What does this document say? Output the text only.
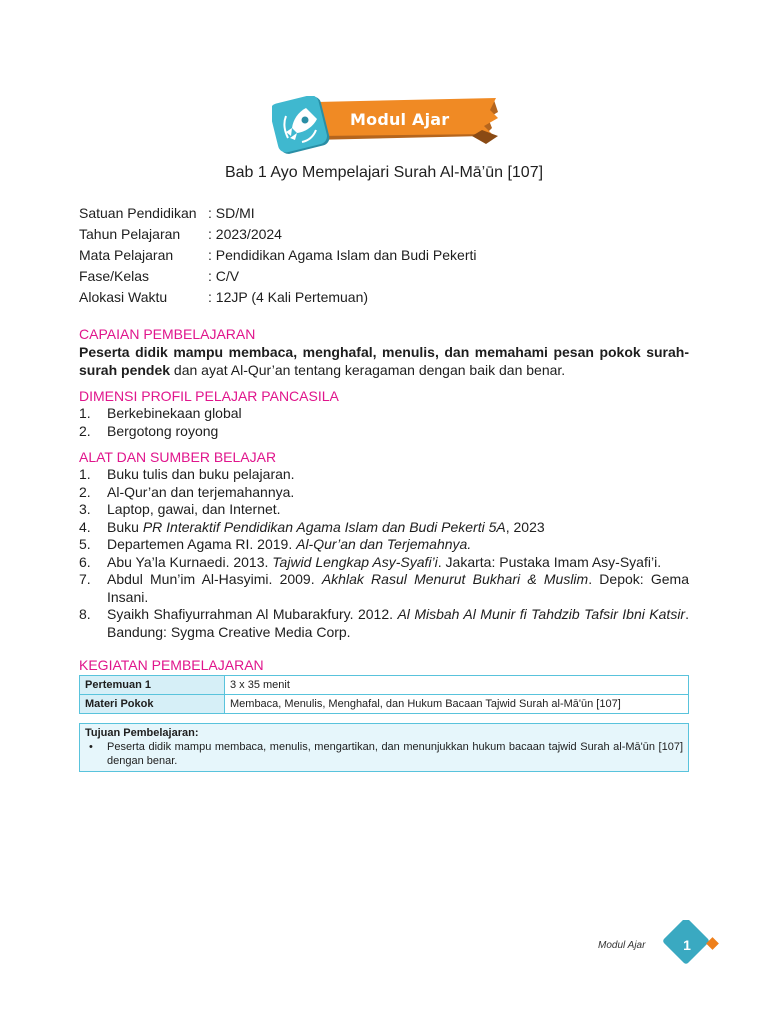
Modul Ajar
Bab 1 Ayo Mempelajari Surah Al-Mā’ūn [107]
Satuan Pendidikan : SD/MI
Tahun Pelajaran	: 2023/2024
Mata Pelajaran	: Pendidikan Agama Islam dan Budi Pekerti
Fase/Kelas	: C/V
Alokasi Waktu	: 12JP (4 Kali Pertemuan)
CAPAIAN PEMBELAJARAN
Peserta didik mampu membaca, menghafal, menulis, dan memahami pesan pokok surah-surah pendek dan ayat Al-Qur’an tentang keragaman dengan baik dan benar.
DIMENSI PROFIL PELAJAR PANCASILA
1.	Berkebinekaan global
2.	Bergotong royong
ALAT DAN SUMBER BELAJAR
1.	Buku tulis dan buku pelajaran.
2.	Al-Qur’an dan terjemahannya.
3.	Laptop, gawai, dan Internet.
4.	Buku PR Interaktif Pendidikan Agama Islam dan Budi Pekerti 5A, 2023
5.	Departemen Agama RI. 2019. Al-Qur’an dan Terjemahnya.
6.	Abu Ya’la Kurnaedi. 2013. Tajwid Lengkap Asy-Syafi’i. Jakarta: Pustaka Imam Asy-Syafi’i.
7.	Abdul Mun’im Al-Hasyimi. 2009. Akhlak Rasul Menurut Bukhari & Muslim. Depok: Gema Insani.
8.	Syaikh Shafiyurrahman Al Mubarakfury. 2012. Al Misbah Al Munir fi Tahdzib Tafsir Ibni Katsir. Bandung: Sygma Creative Media Corp.
KEGIATAN PEMBELAJARAN
Pertemuan 1	3 x 35 menit
Materi Pokok	Membaca, Menulis, Menghafal, dan Hukum Bacaan Tajwid Surah al-Mā'ūn [107]
Tujuan Pembelajaran:
•	Peserta didik mampu membaca, menulis, mengartikan, dan menunjukkan hukum bacaan tajwid Surah al-Mā'ūn [107] dengan benar.
Modul Ajar	1
